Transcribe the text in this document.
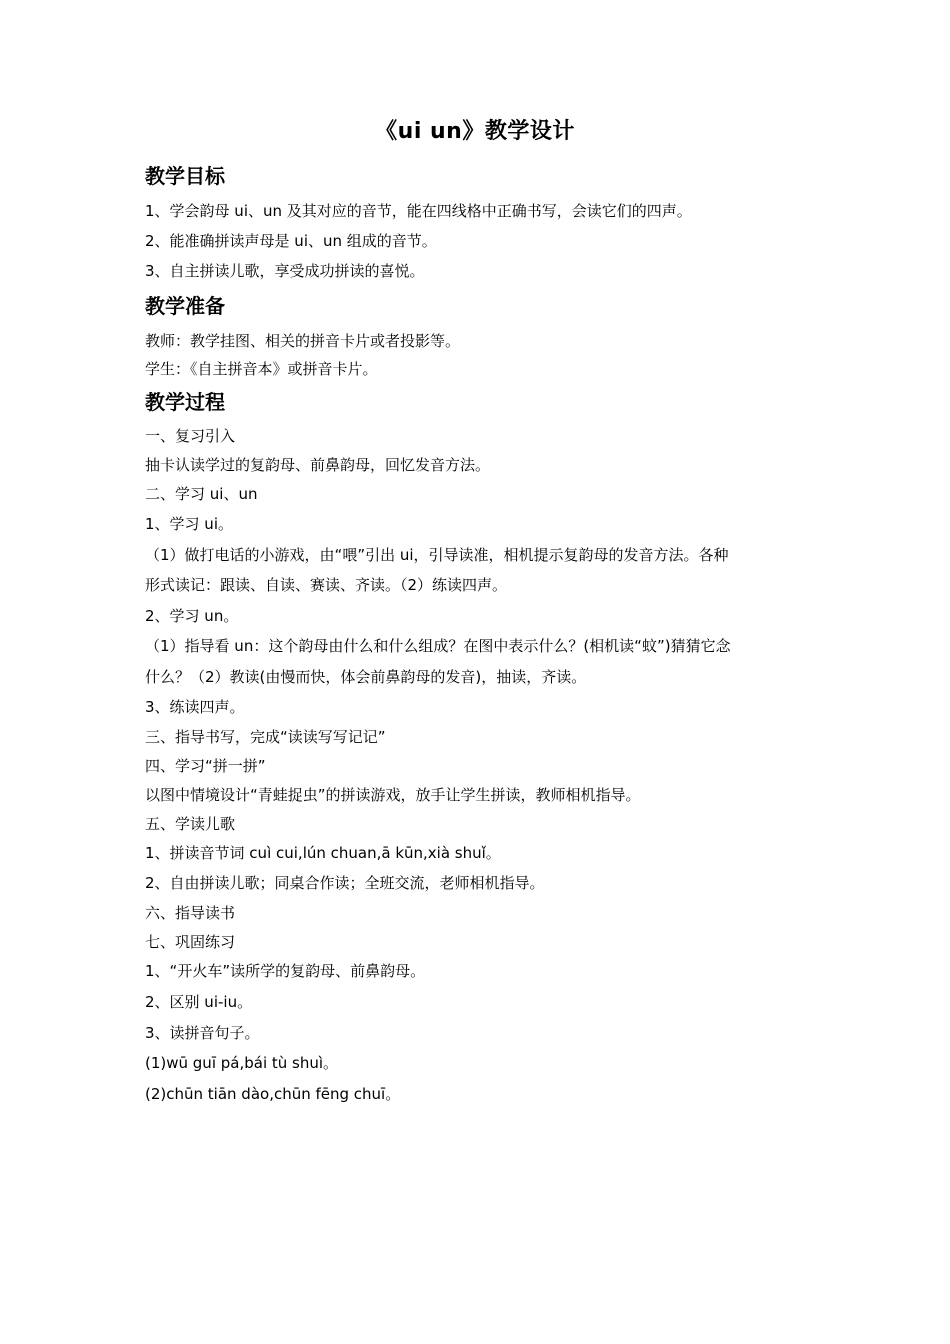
《ui un》教学设计
教学目标
1、学会韵母 ui、un 及其对应的音节，能在四线格中正确书写，会读它们的四声。
2、能准确拼读声母是 ui、un 组成的音节。
3、自主拼读儿歌，享受成功拼读的喜悦。
教学准备
教师：教学挂图、相关的拼音卡片或者投影等。
学生：《自主拼音本》或拼音卡片。
教学过程
一、复习引入
抽卡认读学过的复韵母、前鼻韵母，回忆发音方法。
二、学习 ui、un
1、学习 ui。
（1）做打电话的小游戏，由“喂”引出 ui，引导读准，相机提示复韵母的发音方法。各种
形式读记：跟读、自读、赛读、齐读。（2）练读四声。
2、学习 un。
（1）指导看 un：这个韵母由什么和什么组成？在图中表示什么？(相机读“蚊”)猜猜它念
什么？（2）教读(由慢而快，体会前鼻韵母的发音)，抽读，齐读。
3、练读四声。
三、指导书写，完成“读读写写记记”
四、学习“拼一拼”
以图中情境设计“青蛙捉虫”的拼读游戏，放手让学生拼读，教师相机指导。
五、学读儿歌
1、拼读音节词 cuì cui,lún chuan,ā kūn,xià shuǐ。
2、自由拼读儿歌；同桌合作读；全班交流，老师相机指导。
六、指导读书
七、巩固练习
1、“开火车”读所学的复韵母、前鼻韵母。
2、区别 ui-iu。
3、读拼音句子。
(1)wū guī pá,bái tù shuì。
(2)chūn tiān dào,chūn fēng chuī。
